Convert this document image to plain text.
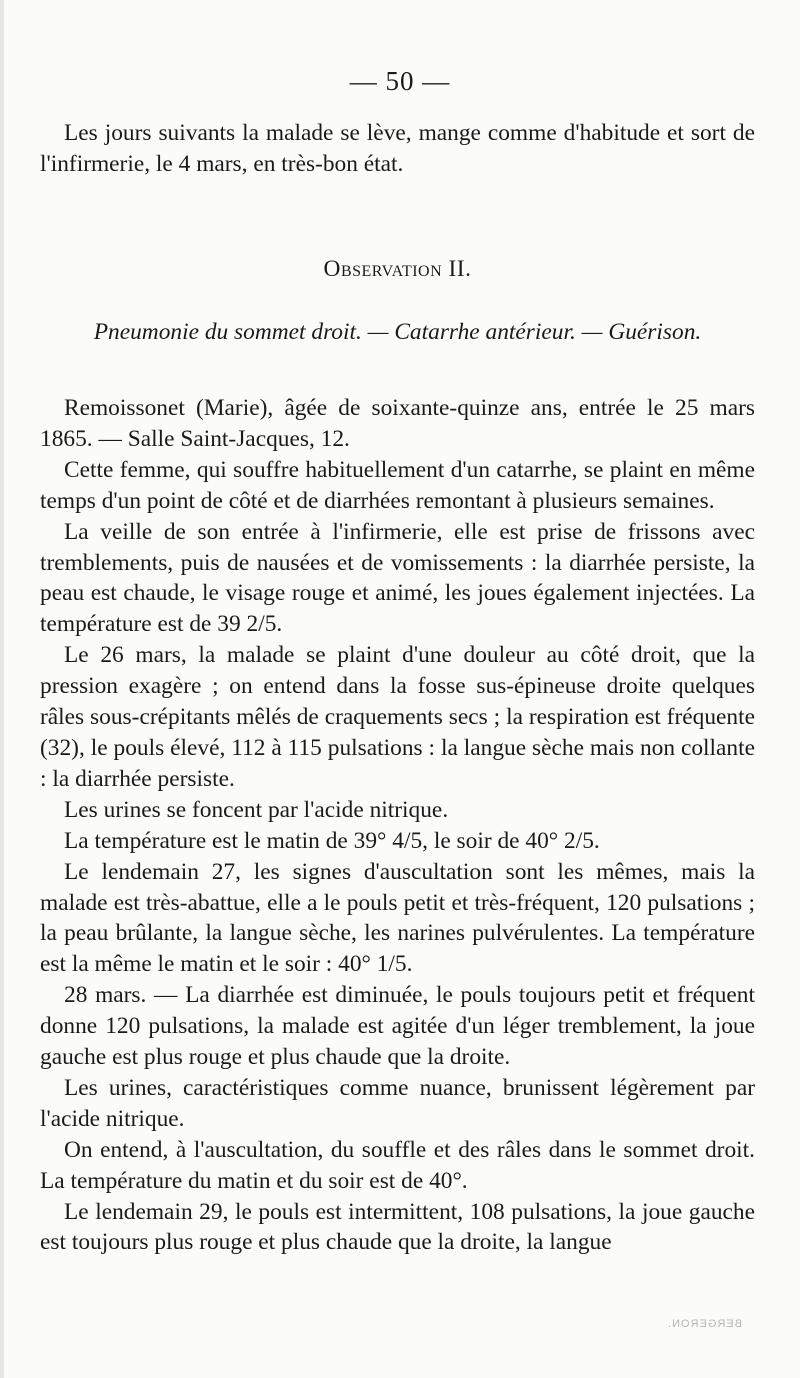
— 50 —

Les jours suivants la malade se lève, mange comme d'habitude et sort de l'infirmerie, le 4 mars, en très-bon état.

Observation II.

Pneumonie du sommet droit. — Catarrhe antérieur. — Guérison.

Remoissonet (Marie), âgée de soixante-quinze ans, entrée le 25 mars 1865. — Salle Saint-Jacques, 12.

Cette femme, qui souffre habituellement d'un catarrhe, se plaint en même temps d'un point de côté et de diarrhées remontant à plusieurs semaines.

La veille de son entrée à l'infirmerie, elle est prise de frissons avec tremblements, puis de nausées et de vomissements : la diarrhée persiste, la peau est chaude, le visage rouge et animé, les joues également injectées. La température est de 39 2/5.

Le 26 mars, la malade se plaint d'une douleur au côté droit, que la pression exagère ; on entend dans la fosse sus-épineuse droite quelques râles sous-crépitants mêlés de craquements secs ; la respiration est fréquente (32), le pouls élevé, 112 à 115 pulsations : la langue sèche mais non collante : la diarrhée persiste.

Les urines se foncent par l'acide nitrique.

La température est le matin de 39° 4/5, le soir de 40° 2/5.

Le lendemain 27, les signes d'auscultation sont les mêmes, mais la malade est très-abattue, elle a le pouls petit et très-fréquent, 120 pulsations ; la peau brûlante, la langue sèche, les narines pulvérulentes. La température est la même le matin et le soir : 40° 1/5.

28 mars. — La diarrhée est diminuée, le pouls toujours petit et fréquent donne 120 pulsations, la malade est agitée d'un léger tremblement, la joue gauche est plus rouge et plus chaude que la droite.

Les urines, caractéristiques comme nuance, brunissent légèrement par l'acide nitrique.

On entend, à l'auscultation, du souffle et des râles dans le sommet droit. La température du matin et du soir est de 40°.

Le lendemain 29, le pouls est intermittent, 108 pulsations, la joue gauche est toujours plus rouge et plus chaude que la droite, la langue

BERGERON.
